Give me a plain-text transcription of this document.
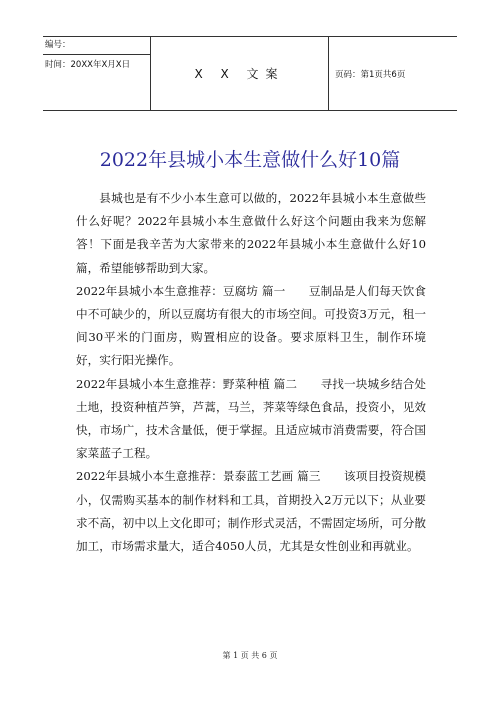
编号：
时间：20XX年X月X日
X X 文案	页码：第1页共6页
2022年县城小本生意做什么好10篇

县城也是有不少小本生意可以做的，2022年县城小本生意做些什么好呢？2022年县城小本生意做什么好这个问题由我来为您解答！下面是我辛苦为大家带来的2022年县城小本生意做什么好10篇，希望能够帮助到大家。

2022年县城小本生意推荐：豆腐坊 篇一　　豆制品是人们每天饮食中不可缺少的，所以豆腐坊有很大的市场空间。可投资3万元，租一间30平米的门面房，购置相应的设备。要求原料卫生，制作环境好，实行阳光操作。

2022年县城小本生意推荐：野菜种植 篇二　　寻找一块城乡结合处土地，投资种植芦笋，芦蒿，马兰，荠菜等绿色食品，投资小，见效快，市场广，技术含量低，便于掌握。且适应城市消费需要，符合国家菜蓝子工程。

2022年县城小本生意推荐：景泰蓝工艺画 篇三　　该项目投资规模小，仅需购买基本的制作材料和工具，首期投入2万元以下；从业要求不高，初中以上文化即可；制作形式灵活，不需固定场所，可分散加工，市场需求量大，适合4050人员，尤其是女性创业和再就业。

第 1 页 共 6 页
